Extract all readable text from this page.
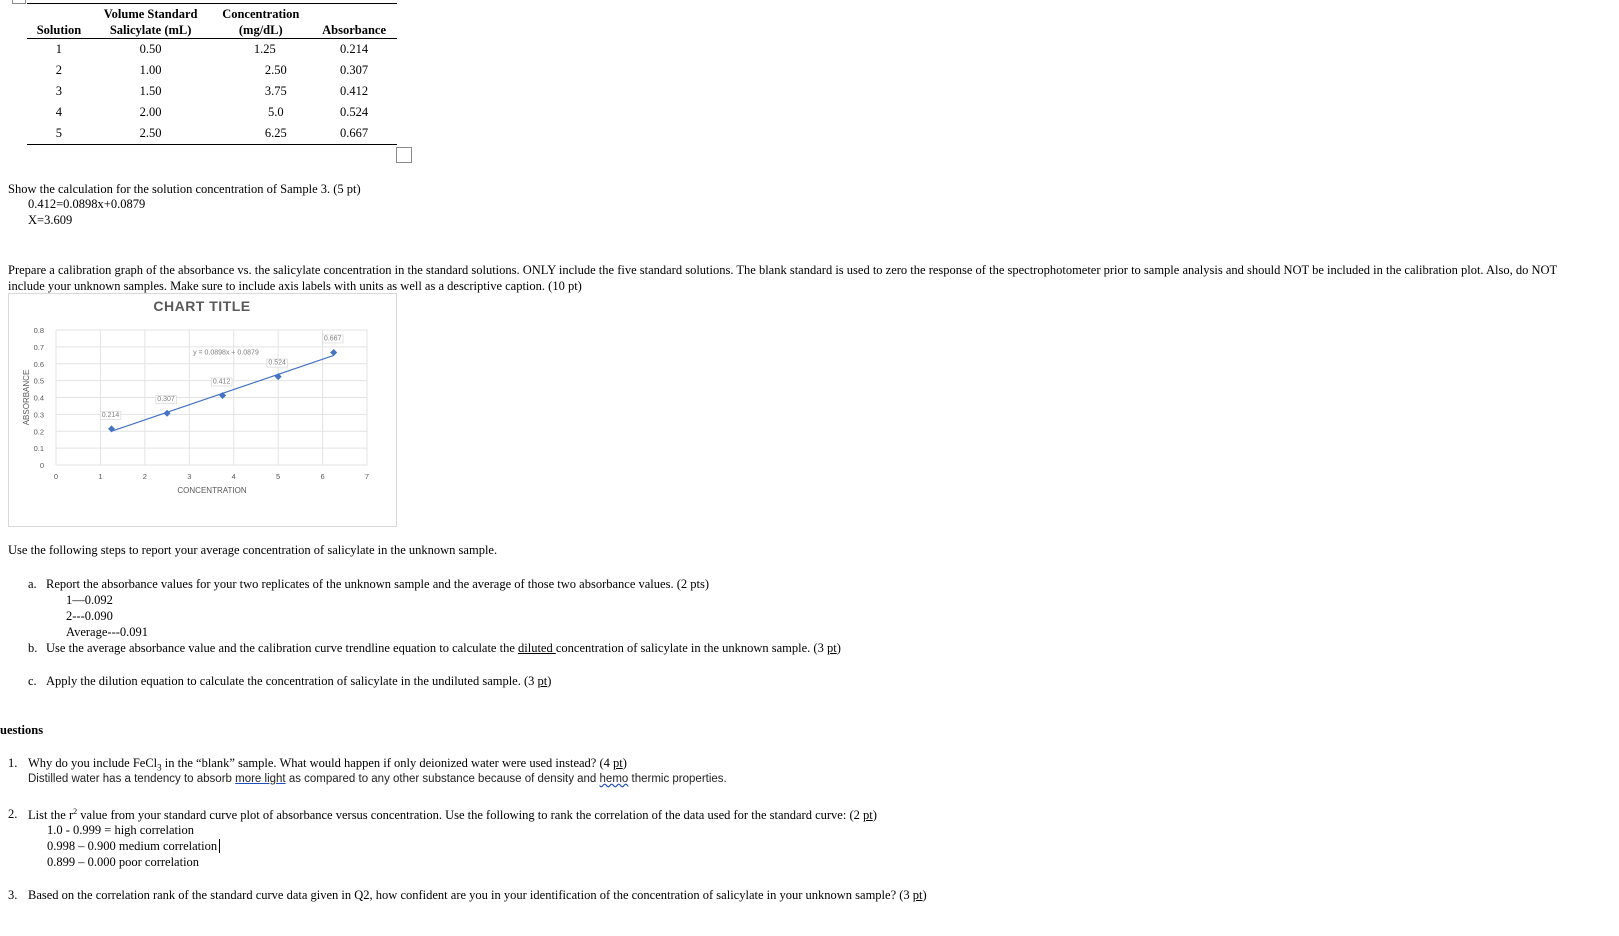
	Volume Standard	Concentration	
Solution	Salicylate (mL)	(mg/dL)	Absorbance
1	0.50	1.25	0.214
2	1.00	2.50	0.307
3	1.50	3.75	0.412
4	2.00	5.0	0.524
5	2.50	6.25	0.667
Show the calculation for the solution concentration of Sample 3. (5 pt)
0.412=0.0898x+0.0879
X=3.609
Prepare a calibration graph of the absorbance vs. the salicylate concentration in the standard solutions. ONLY include the five standard solutions. The blank standard is used to zero the response of the spectrophotometer prior to sample analysis and should NOT be included in the calibration plot. Also, do NOT
include your unknown samples. Make sure to include axis labels with units as well as a descriptive caption. (10 pt)
CHART TITLE
0
0.1
0.2
0.3
0.4
0.5
0.6
0.7
0.8
0	1	2	3	4	5	6	7
CONCENTRATION
ABSORBANCE
y = 0.0898x + 0.0879
0.214
0.307
0.412
0.524
0.667
Use the following steps to report your average concentration of salicylate in the unknown sample.
a. Report the absorbance values for your two replicates of the unknown sample and the average of those two absorbance values. (2 pts)
1—0.092
2---0.090
Average---0.091
b. Use the average absorbance value and the calibration curve trendline equation to calculate the diluted concentration of salicylate in the unknown sample. (3 pt)
c. Apply the dilution equation to calculate the concentration of salicylate in the undiluted sample. (3 pt)
uestions
1. Why do you include FeCl$_3$ in the “blank” sample. What would happen if only deionized water were used instead? (4 pt)
Distilled water has a tendency to absorb more light as compared to any other substance because of density and hemo thermic properties.
2. List the $r^2$ value from your standard curve plot of absorbance versus concentration. Use the following to rank the correlation of the data used for the standard curve: (2 pt)
1.0 - 0.999 = high correlation
0.998 – 0.900 medium correlation
0.899 – 0.000 poor correlation
3. Based on the correlation rank of the standard curve data given in Q2, how confident are you in your identification of the concentration of salicylate in your unknown sample? (3 pt)
